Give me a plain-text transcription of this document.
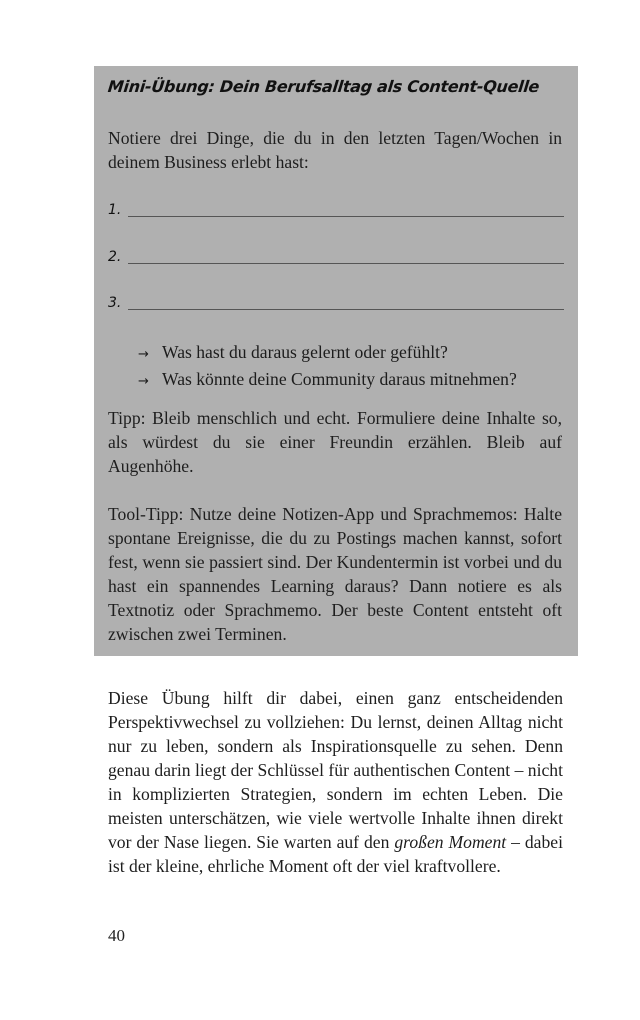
Mini-Übung: Dein Berufsalltag als Content-Quelle
Notiere drei Dinge, die du in den letzten Tagen/Wochen in deinem Business erlebt hast:
1.
2.
3.
→ Was hast du daraus gelernt oder gefühlt?
→ Was könnte deine Community daraus mitnehmen?
Tipp: Bleib menschlich und echt. Formuliere deine Inhalte so, als würdest du sie einer Freundin erzählen. Bleib auf Augenhöhe.
Tool-Tipp: Nutze deine Notizen-App und Sprachmemos: Halte spontane Ereignisse, die du zu Postings machen kannst, sofort fest, wenn sie passiert sind. Der Kundentermin ist vorbei und du hast ein spannendes Learning daraus? Dann notiere es als Textnotiz oder Sprachmemo. Der beste Content entsteht oft zwischen zwei Terminen.
Diese Übung hilft dir dabei, einen ganz entscheidenden Perspektivwechsel zu vollziehen: Du lernst, deinen Alltag nicht nur zu leben, sondern als Inspirationsquelle zu sehen. Denn genau darin liegt der Schlüssel für authentischen Content – nicht in komplizierten Strategien, sondern im echten Leben. Die meisten unterschätzen, wie viele wertvolle Inhalte ihnen direkt vor der Nase liegen. Sie warten auf den großen Moment – dabei ist der kleine, ehrliche Moment oft der viel kraftvollere.
40
